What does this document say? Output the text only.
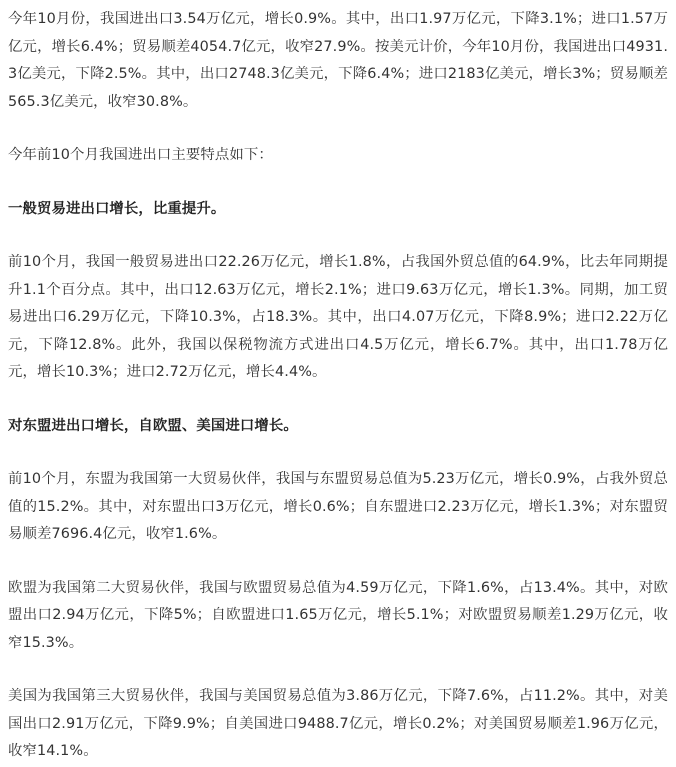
今年10月份，我国进出口3.54万亿元，增长0.9%。其中，出口1.97万亿元，下降3.1%；进口1.57万亿元，增长6.4%；贸易顺差4054.7亿元，收窄27.9%。按美元计价，今年10月份，我国进出口4931.3亿美元，下降2.5%。其中，出口2748.3亿美元，下降6.4%；进口2183亿美元，增长3%；贸易顺差565.3亿美元，收窄30.8%。

今年前10个月我国进出口主要特点如下：

一般贸易进出口增长，比重提升。

前10个月，我国一般贸易进出口22.26万亿元，增长1.8%，占我国外贸总值的64.9%，比去年同期提升1.1个百分点。其中，出口12.63万亿元，增长2.1%；进口9.63万亿元，增长1.3%。同期，加工贸易进出口6.29万亿元，下降10.3%，占18.3%。其中，出口4.07万亿元，下降8.9%；进口2.22万亿元，下降12.8%。此外，我国以保税物流方式进出口4.5万亿元，增长6.7%。其中，出口1.78万亿元，增长10.3%；进口2.72万亿元，增长4.4%。

对东盟进出口增长，自欧盟、美国进口增长。

前10个月，东盟为我国第一大贸易伙伴，我国与东盟贸易总值为5.23万亿元，增长0.9%，占我外贸总值的15.2%。其中，对东盟出口3万亿元，增长0.6%；自东盟进口2.23万亿元，增长1.3%；对东盟贸易顺差7696.4亿元，收窄1.6%。

欧盟为我国第二大贸易伙伴，我国与欧盟贸易总值为4.59万亿元，下降1.6%，占13.4%。其中，对欧盟出口2.94万亿元，下降5%；自欧盟进口1.65万亿元，增长5.1%；对欧盟贸易顺差1.29万亿元，收窄15.3%。

美国为我国第三大贸易伙伴，我国与美国贸易总值为3.86万亿元，下降7.6%，占11.2%。其中，对美国出口2.91万亿元，下降9.9%；自美国进口9488.7亿元，增长0.2%；对美国贸易顺差1.96万亿元，收窄14.1%。
